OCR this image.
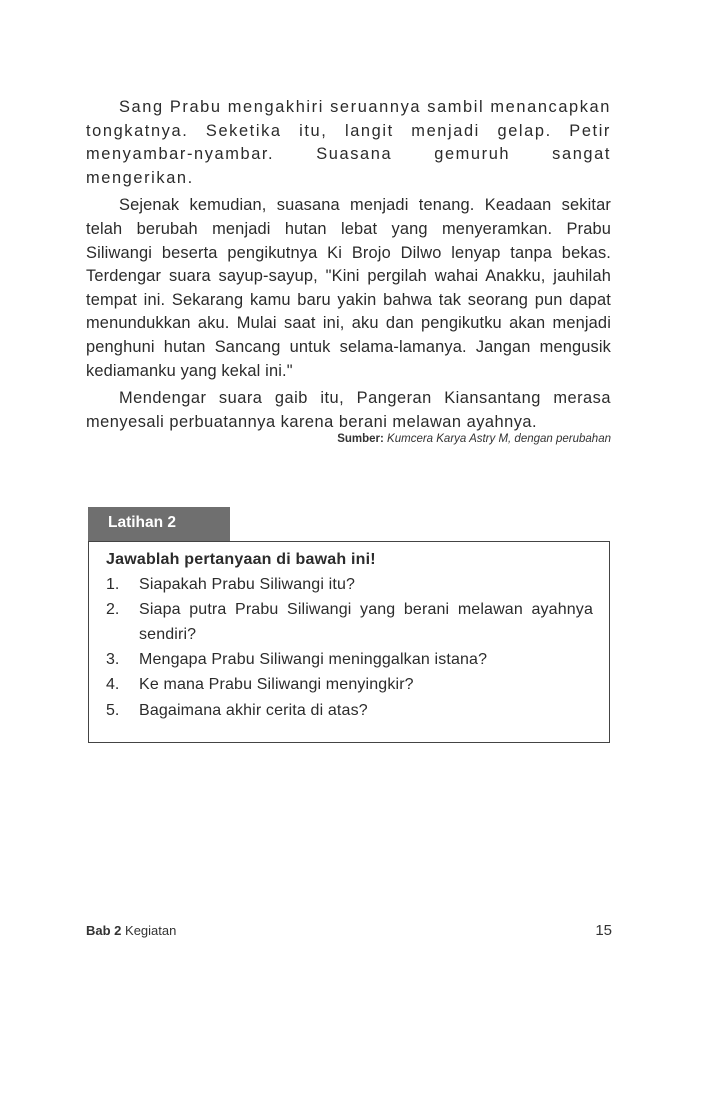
Sang Prabu mengakhiri seruannya sambil menancapkan tongkatnya. Seketika itu, langit menjadi gelap. Petir menyambar-nyambar. Suasana gemuruh sangat mengerikan.

Sejenak kemudian, suasana menjadi tenang. Keadaan sekitar telah berubah menjadi hutan lebat yang menyeramkan. Prabu Siliwangi beserta pengikutnya Ki Brojo Dilwo lenyap tanpa bekas. Terdengar suara sayup-sayup, "Kini pergilah wahai Anakku, jauhilah tempat ini. Sekarang kamu baru yakin bahwa tak seorang pun dapat menundukkan aku. Mulai saat ini, aku dan pengikutku akan menjadi penghuni hutan Sancang untuk selama-lamanya. Jangan mengusik kediamanku yang kekal ini."

Mendengar suara gaib itu, Pangeran Kiansantang merasa menyesali perbuatannya karena berani melawan ayahnya.

Sumber: Kumcera Karya Astry M, dengan perubahan
Latihan 2

Jawablah pertanyaan di bawah ini!

1.	Siapakah Prabu Siliwangi itu?
2.	Siapa putra Prabu Siliwangi yang berani melawan ayahnya sendiri?
3.	Mengapa Prabu Siliwangi meninggalkan istana?
4.	Ke mana Prabu Siliwangi menyingkir?
5.	Bagaimana akhir cerita di atas?
Bab 2 Kegiatan	15
